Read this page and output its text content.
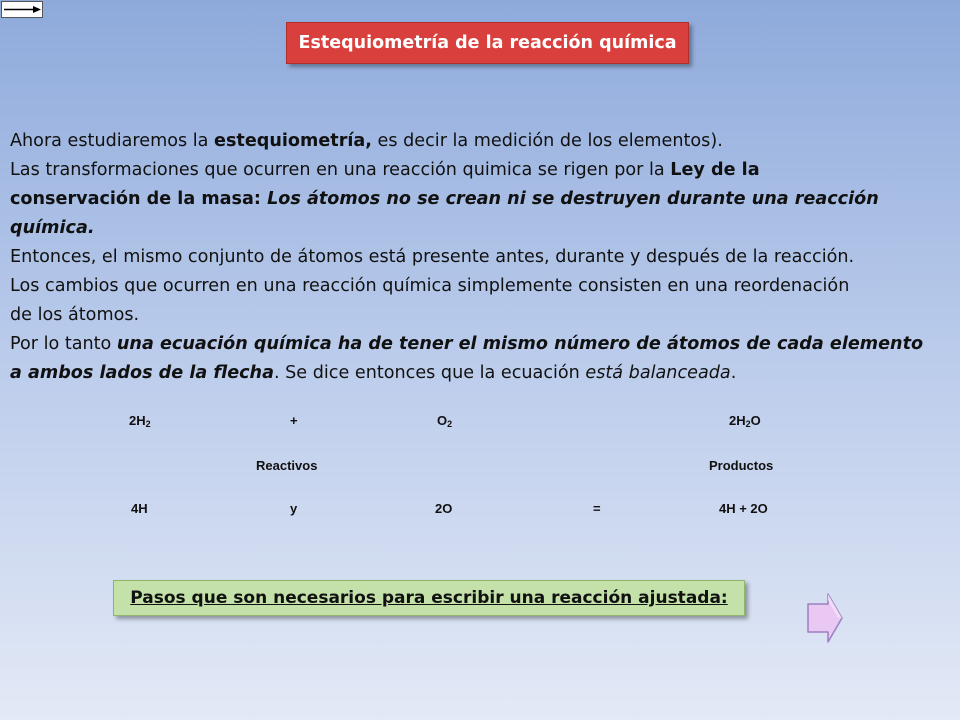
Estequiometría de la reacción química

Ahora estudiaremos la estequiometría, es decir la medición de los elementos).

Las transformaciones que ocurren en una reacción quimica se rigen por la Ley de la

conservación de la masa: Los átomos no se crean ni se destruyen durante una reacción

química.

Entonces, el mismo conjunto de átomos está presente antes, durante y después de la reacción.

Los cambios que ocurren en una reacción química simplemente consisten en una reordenación

de los átomos.

Por lo tanto una ecuación química ha de tener el mismo número de átomos de cada elemento

a ambos lados de la flecha. Se dice entonces que la ecuación está balanceada.

$2H_2$	+	$O_2$	$2H_2O$
Reactivos	Productos
4H	y	2O	=	4H + 2O
Pasos que son necesarios para escribir una reacción ajustada:
